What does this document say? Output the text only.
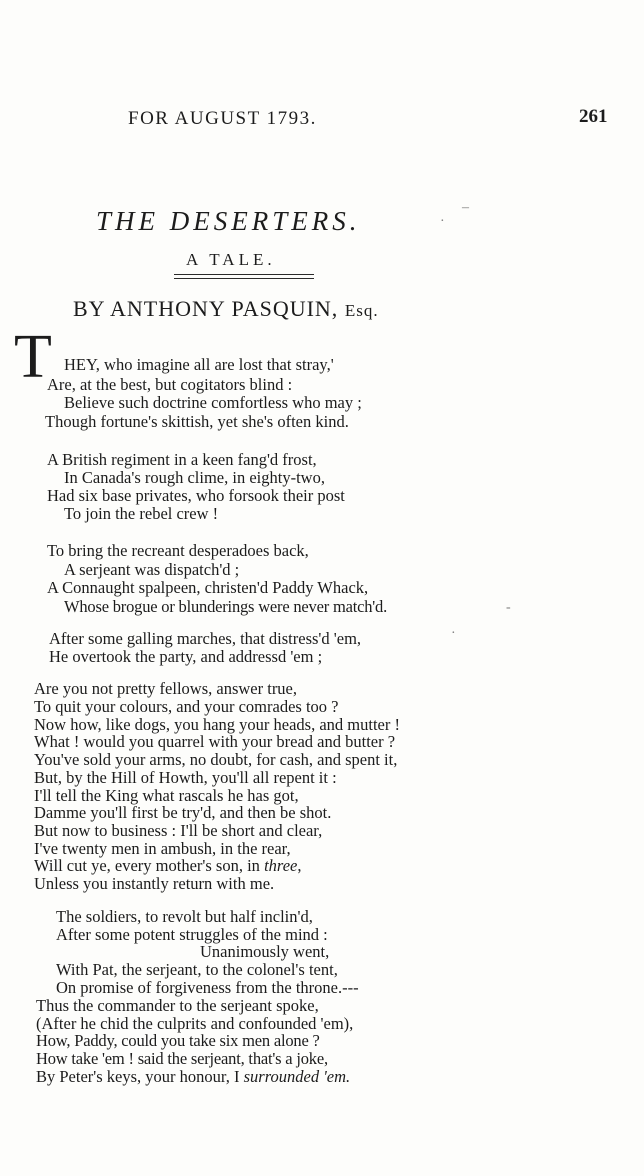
FOR AUGUST 1793.	261
THE DESERTERS.
A TALE.
BY ANTHONY PASQUIN, Esq.
T HEY, who imagine all are lost that stray,'
Are, at the best, but cogitators blind :
Believe such doctrine comfortless who may ;
Though fortune's skittish, yet she's often kind.
A British regiment in a keen fang'd frost,
In Canada's rough clime, in eighty-two,
Had six base privates, who forsook their post
To join the rebel crew !
To bring the recreant desperadoes back,
A serjeant was dispatch'd ;
A Connaught spalpeen, christen'd Paddy Whack,
Whose brogue or blunderings were never match'd.
After some galling marches, that distress'd 'em,
He overtook the party, and addressd 'em ;
Are you not pretty fellows, answer true,
To quit your colours, and your comrades too ?
Now how, like dogs, you hang your heads, and mutter !
What ! would you quarrel with your bread and butter ?
You've sold your arms, no doubt, for cash, and spent it,
But, by the Hill of Howth, you'll all repent it :
I'll tell the King what rascals he has got,
Damme you'll first be try'd, and then be shot.
But now to business : I'll be short and clear,
I've twenty men in ambush, in the rear,
Will cut ye, every mother's son, in three,
Unless you instantly return with me.
The soldiers, to revolt but half inclin'd,
After some potent struggles of the mind :
Unanimously went,
With Pat, the serjeant, to the colonel's tent,
On promise of forgiveness from the throne.---
Thus the commander to the serjeant spoke,
(After he chid the culprits and confounded 'em),
How, Paddy, could you take six men alone ?
How take 'em ! said the serjeant, that's a joke,
By Peter's keys, your honour, I surrounded 'em.
·
‒
-
·
